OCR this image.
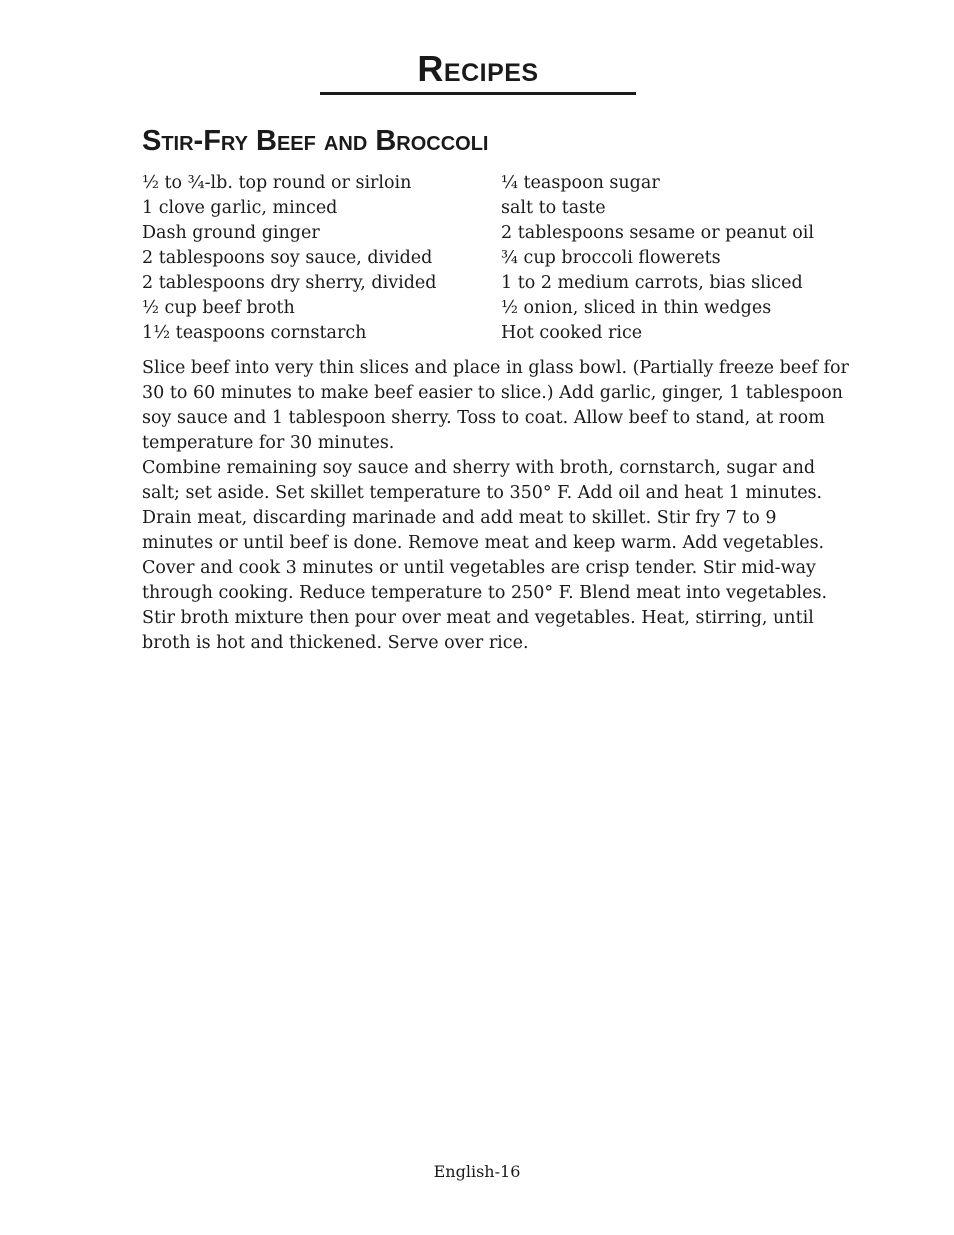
Recipes
Stir-Fry Beef and Broccoli
½ to ¾-lb. top round or sirloin
1 clove garlic, minced
Dash ground ginger
2 tablespoons soy sauce, divided
2 tablespoons dry sherry, divided
½ cup beef broth
1½ teaspoons cornstarch
¼ teaspoon sugar
salt to taste
2 tablespoons sesame or peanut oil
¾ cup broccoli flowerets
1 to 2 medium carrots, bias sliced
½ onion, sliced in thin wedges
Hot cooked rice

Slice beef into very thin slices and place in glass bowl. (Partially freeze beef for

30 to 60 minutes to make beef easier to slice.) Add garlic, ginger, 1 tablespoon

soy sauce and 1 tablespoon sherry. Toss to coat. Allow beef to stand, at room

temperature for 30 minutes.

Combine remaining soy sauce and sherry with broth, cornstarch, sugar and

salt; set aside. Set skillet temperature to 350° F. Add oil and heat 1 minutes.

Drain meat, discarding marinade and add meat to skillet. Stir fry 7 to 9

minutes or until beef is done. Remove meat and keep warm. Add vegetables.

Cover and cook 3 minutes or until vegetables are crisp tender. Stir mid-way

through cooking. Reduce temperature to 250° F. Blend meat into vegetables.

Stir broth mixture then pour over meat and vegetables. Heat, stirring, until

broth is hot and thickened. Serve over rice.

English-16
